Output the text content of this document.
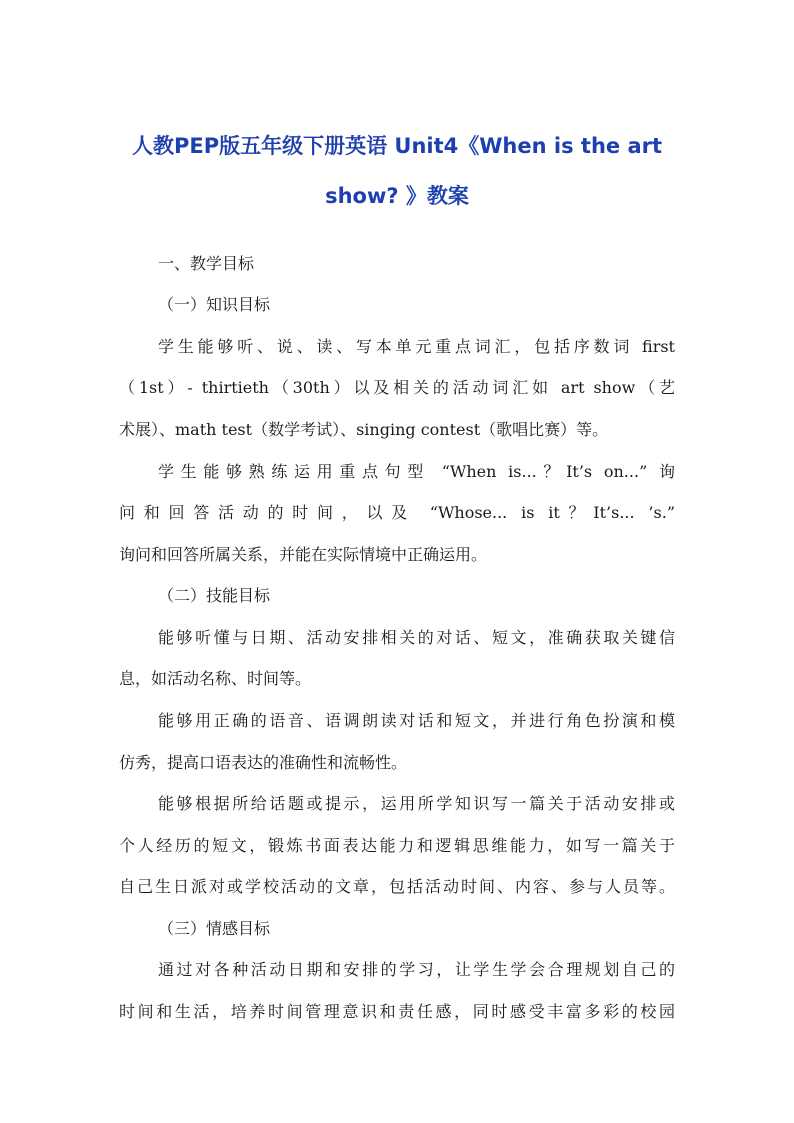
人教PEP版五年级下册英语 Unit4《When is the art
show? 》教案
一、教学目标
（一）知识目标
学生能够听、说、读、写本单元重点词汇，包括序数词 first
（1st）- thirtieth（30th）以及相关的活动词汇如 art show（艺
术展）、math test（数学考试）、singing contest（歌唱比赛）等。
学生能够熟练运用重点句型 “When is...？It’s on...” 询
问和回答活动的时间，以及 “Whose... is it？It’s... ’s.”
询问和回答所属关系，并能在实际情境中正确运用。
（二）技能目标
能够听懂与日期、活动安排相关的对话、短文，准确获取关键信
息，如活动名称、时间等。
能够用正确的语音、语调朗读对话和短文，并进行角色扮演和模
仿秀，提高口语表达的准确性和流畅性。
能够根据所给话题或提示，运用所学知识写一篇关于活动安排或
个人经历的短文，锻炼书面表达能力和逻辑思维能力，如写一篇关于
自己生日派对或学校活动的文章，包括活动时间、内容、参与人员等。
（三）情感目标
通过对各种活动日期和安排的学习，让学生学会合理规划自己的
时间和生活，培养时间管理意识和责任感，同时感受丰富多彩的校园
